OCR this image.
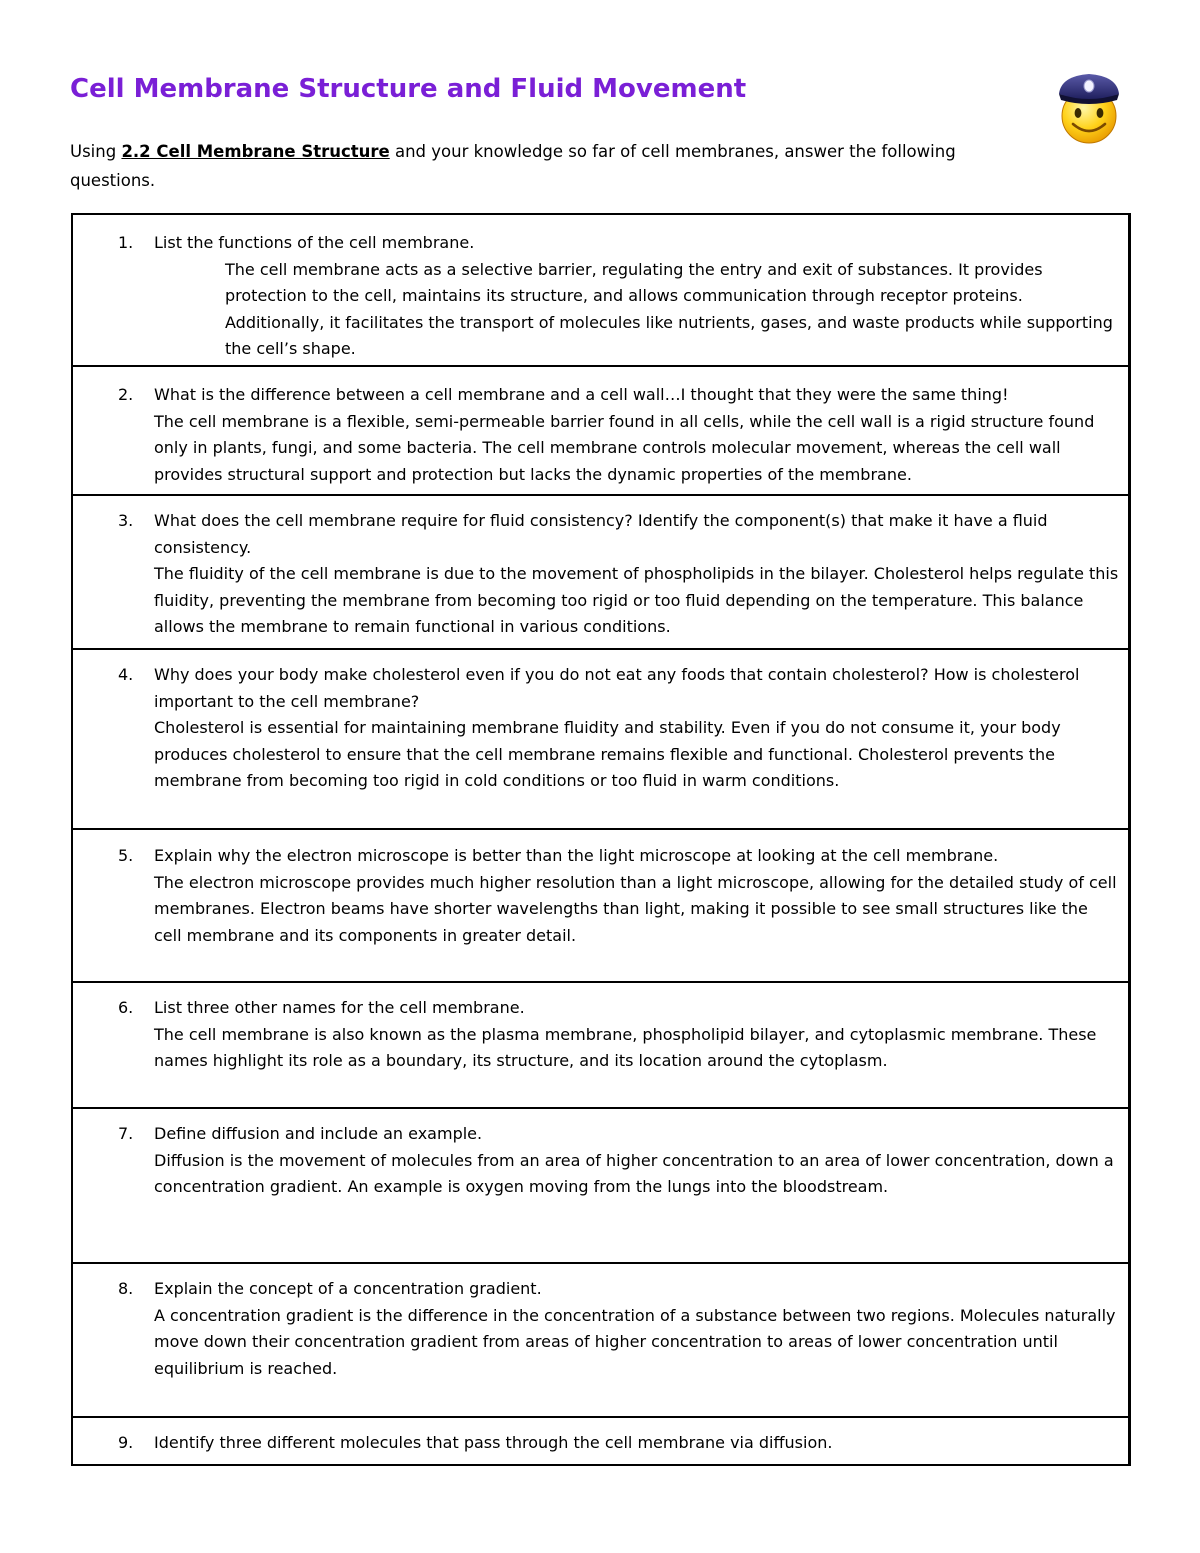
Cell Membrane Structure and Fluid Movement
Using 2.2 Cell Membrane Structure and your knowledge so far of cell membranes, answer the following questions.
1.	List the functions of the cell membrane.
The cell membrane acts as a selective barrier, regulating the entry and exit of substances. It provides protection to the cell, maintains its structure, and allows communication through receptor proteins. Additionally, it facilitates the transport of molecules like nutrients, gases, and waste products while supporting the cell’s shape.

2.	What is the difference between a cell membrane and a cell wall…I thought that they were the same thing!
The cell membrane is a flexible, semi-permeable barrier found in all cells, while the cell wall is a rigid structure found only in plants, fungi, and some bacteria. The cell membrane controls molecular movement, whereas the cell wall provides structural support and protection but lacks the dynamic properties of the membrane.

3.	What does the cell membrane require for fluid consistency? Identify the component(s) that make it have a fluid consistency.
The fluidity of the cell membrane is due to the movement of phospholipids in the bilayer. Cholesterol helps regulate this fluidity, preventing the membrane from becoming too rigid or too fluid depending on the temperature. This balance allows the membrane to remain functional in various conditions.

4.	Why does your body make cholesterol even if you do not eat any foods that contain cholesterol? How is cholesterol important to the cell membrane?
Cholesterol is essential for maintaining membrane fluidity and stability. Even if you do not consume it, your body produces cholesterol to ensure that the cell membrane remains flexible and functional. Cholesterol prevents the membrane from becoming too rigid in cold conditions or too fluid in warm conditions.

5.	Explain why the electron microscope is better than the light microscope at looking at the cell membrane.
The electron microscope provides much higher resolution than a light microscope, allowing for the detailed study of cell membranes. Electron beams have shorter wavelengths than light, making it possible to see small structures like the cell membrane and its components in greater detail.

6.	List three other names for the cell membrane.
The cell membrane is also known as the plasma membrane, phospholipid bilayer, and cytoplasmic membrane. These names highlight its role as a boundary, its structure, and its location around the cytoplasm.

7.	Define diffusion and include an example.
Diffusion is the movement of molecules from an area of higher concentration to an area of lower concentration, down a concentration gradient. An example is oxygen moving from the lungs into the bloodstream.

8.	Explain the concept of a concentration gradient.
A concentration gradient is the difference in the concentration of a substance between two regions. Molecules naturally move down their concentration gradient from areas of higher concentration to areas of lower concentration until equilibrium is reached.

9.	Identify three different molecules that pass through the cell membrane via diffusion.
